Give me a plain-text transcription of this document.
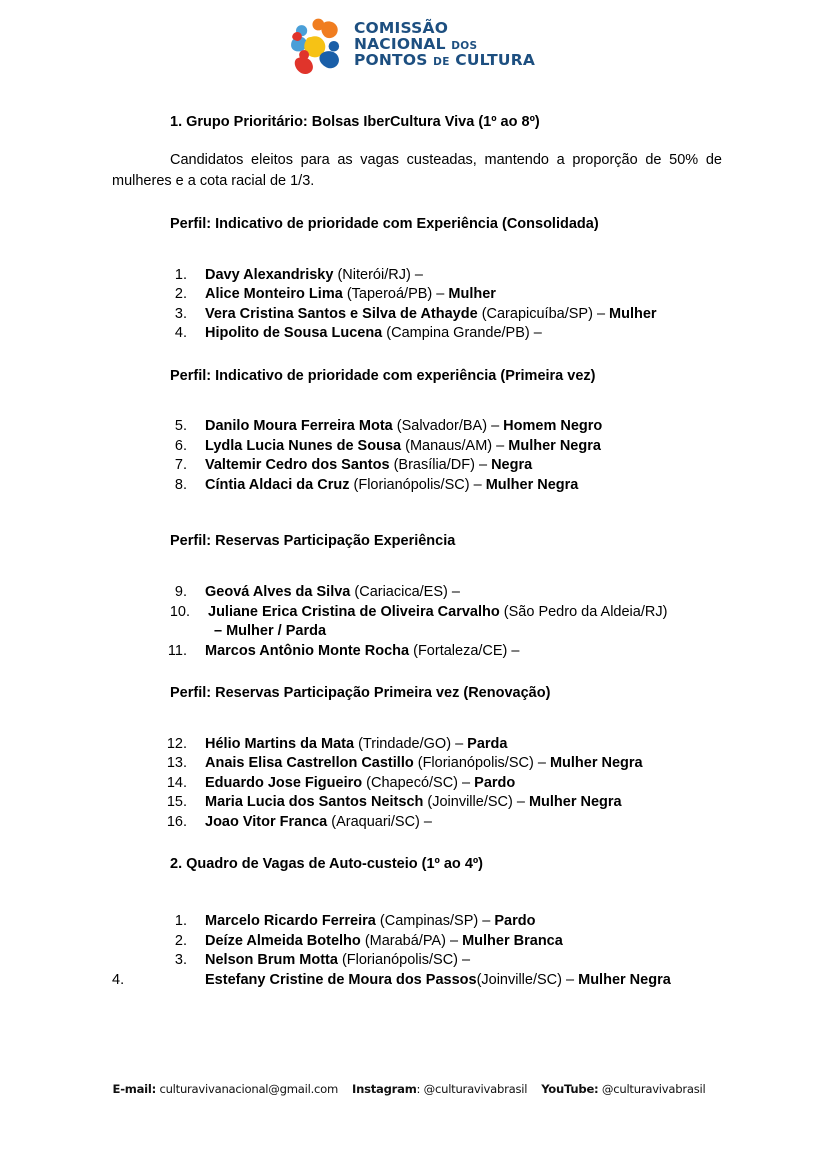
COMISSÃO
NACIONAL DOS
PONTOS DE CULTURA
1. Grupo Prioritário: Bolsas IberCultura Viva (1º ao 8º)

Candidatos eleitos para as vagas custeadas, mantendo a proporção de 50% de mulheres e a cota racial de 1/3.

Perfil: Indicativo de prioridade com Experiência (Consolidada)
1. Davy Alexandrisky (Niterói/RJ) –
2. Alice Monteiro Lima (Taperoá/PB) – Mulher
3. Vera Cristina Santos e Silva de Athayde (Carapicuíba/SP) – Mulher
4. Hipolito de Sousa Lucena (Campina Grande/PB) –
Perfil: Indicativo de prioridade com experiência (Primeira vez)
5. Danilo Moura Ferreira Mota (Salvador/BA) – Homem Negro
6. Lydla Lucia Nunes de Sousa (Manaus/AM) – Mulher Negra
7. Valtemir Cedro dos Santos (Brasília/DF) – Negra
8. Cíntia Aldaci da Cruz (Florianópolis/SC) – Mulher Negra
Perfil: Reservas Participação Experiência
9. Geová Alves da Silva (Cariacica/ES) –
10. Juliane Erica Cristina de Oliveira Carvalho (São Pedro da Aldeia/RJ)
– Mulher / Parda
11. Marcos Antônio Monte Rocha (Fortaleza/CE) –
Perfil: Reservas Participação Primeira vez (Renovação)
12. Hélio Martins da Mata (Trindade/GO) – Parda
13. Anais Elisa Castrellon Castillo (Florianópolis/SC) – Mulher Negra
14. Eduardo Jose Figueiro (Chapecó/SC) – Pardo
15. Maria Lucia dos Santos Neitsch (Joinville/SC) – Mulher Negra
16. Joao Vitor Franca (Araquari/SC) –
2. Quadro de Vagas de Auto-custeio (1º ao 4º)
1. Marcelo Ricardo Ferreira (Campinas/SP) – Pardo
2. Deíze Almeida Botelho (Marabá/PA) – Mulher Branca
3. Nelson Brum Motta (Florianópolis/SC) –
4.	Estefany Cristine de Moura dos Passos(Joinville/SC) – Mulher Negra
E-mail: culturavivanacional@gmail.com Instagram: @culturavivabrasil YouTube: @culturavivabrasil
